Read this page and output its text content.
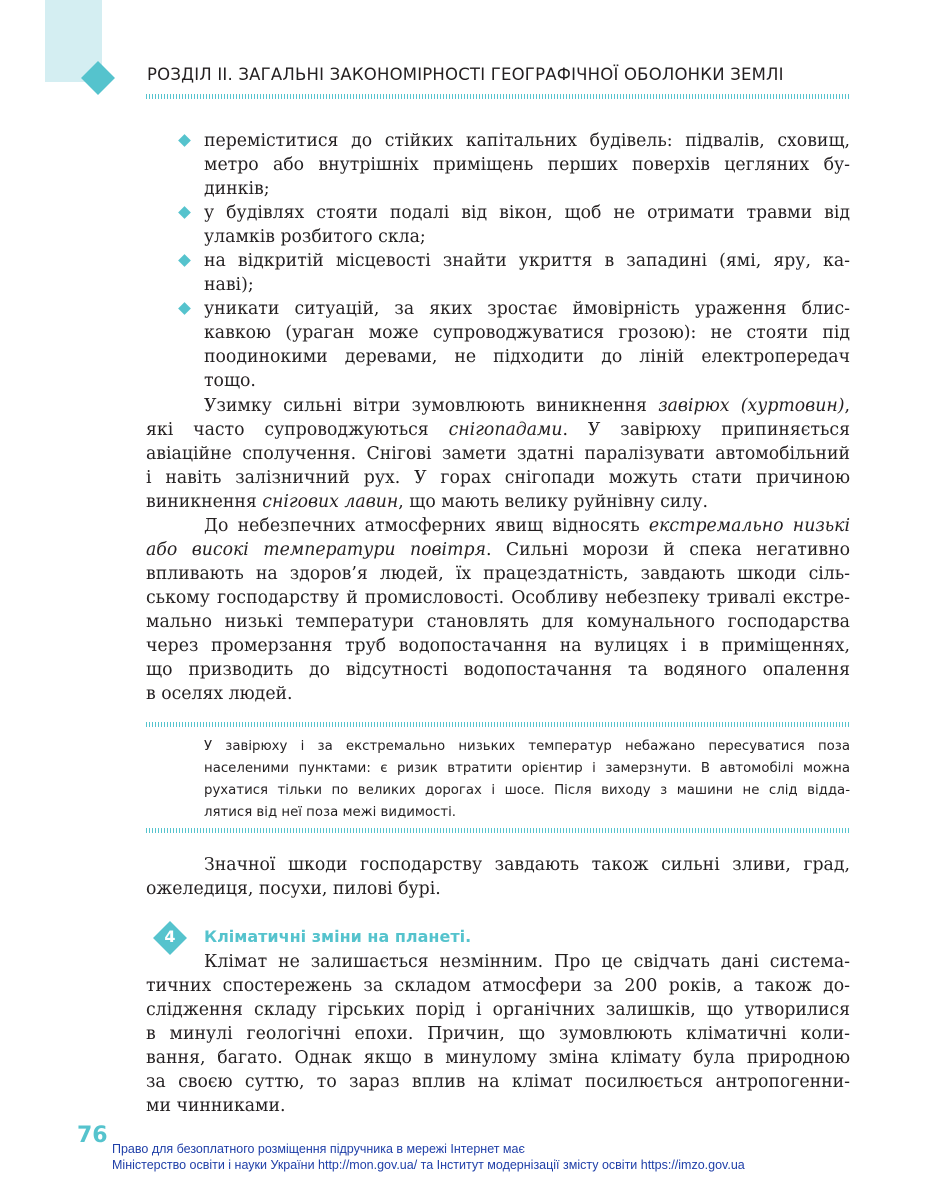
РОЗДІЛ ІІ. ЗАГАЛЬНІ ЗАКОНОМІРНОСТІ ГЕОГРАФІЧНОЇ ОБОЛОНКИ ЗЕМЛІ
переміститися до стійких капітальних будівель: підвалів, сховищ,
метро або внутрішніх приміщень перших поверхів цегляних бу-
динків;
у будівлях стояти подалі від вікон, щоб не отримати травми від
уламків розбитого скла;
на відкритій місцевості знайти укриття в западині (ямі, яру, ка-
наві);
уникати ситуацій, за яких зростає ймовірність ураження блис-
кавкою (ураган може супроводжуватися грозою): не стояти під
поодинокими деревами, не підходити до ліній електропередач
тощо.
Узимку сильні вітри зумовлюють виникнення завірюх (хуртовин),
які часто супроводжуються снігопадами. У завірюху припиняється
авіаційне сполучення. Снігові замети здатні паралізувати автомобільний
і навіть залізничний рух. У горах снігопади можуть стати причиною
виникнення снігових лавин, що мають велику руйнівну силу.
До небезпечних атмосферних явищ відносять екстремально низькі
або високі температури повітря. Сильні морози й спека негативно
впливають на здоров’я людей, їх працездатність, завдають шкоди сіль-
ському господарству й промисловості. Особливу небезпеку тривалі екстре-
мально низькі температури становлять для комунального господарства
через промерзання труб водопостачання на вулицях і в приміщеннях,
що призводить до відсутності водопостачання та водяного опалення
в оселях людей.
У завірюху і за екстремально низьких температур небажано пересуватися поза
населеними пунктами: є ризик втратити орієнтир і замерзнути. В автомобілі можна
рухатися тільки по великих дорогах і шосе. Після виходу з машини не слід відда-
лятися від неї поза межі видимості.
Значної шкоди господарству завдають також сильні зливи, град,
ожеледиця, посухи, пилові бурі.
4	Кліматичні зміни на планеті.
Клімат не залишається незмінним. Про це свідчать дані системa-
тичних спостережень за складом атмосфери за 200 років, а також до-
слідження складу гірських порід і органічних залишків, що утворилися
в минулі геологічні епохи. Причин, що зумовлюють кліматичні коли-
вання, багато. Однак якщо в минулому зміна клімату була природною
за своєю суттю, то зараз вплив на клімат посилюється антропогенни-
ми чинниками.
76
Право для безоплатного розміщення підручника в мережі Інтернет має
Міністерство освіти і науки України http://mon.gov.ua/ та Інститут модернізації змісту освіти https://imzo.gov.ua
